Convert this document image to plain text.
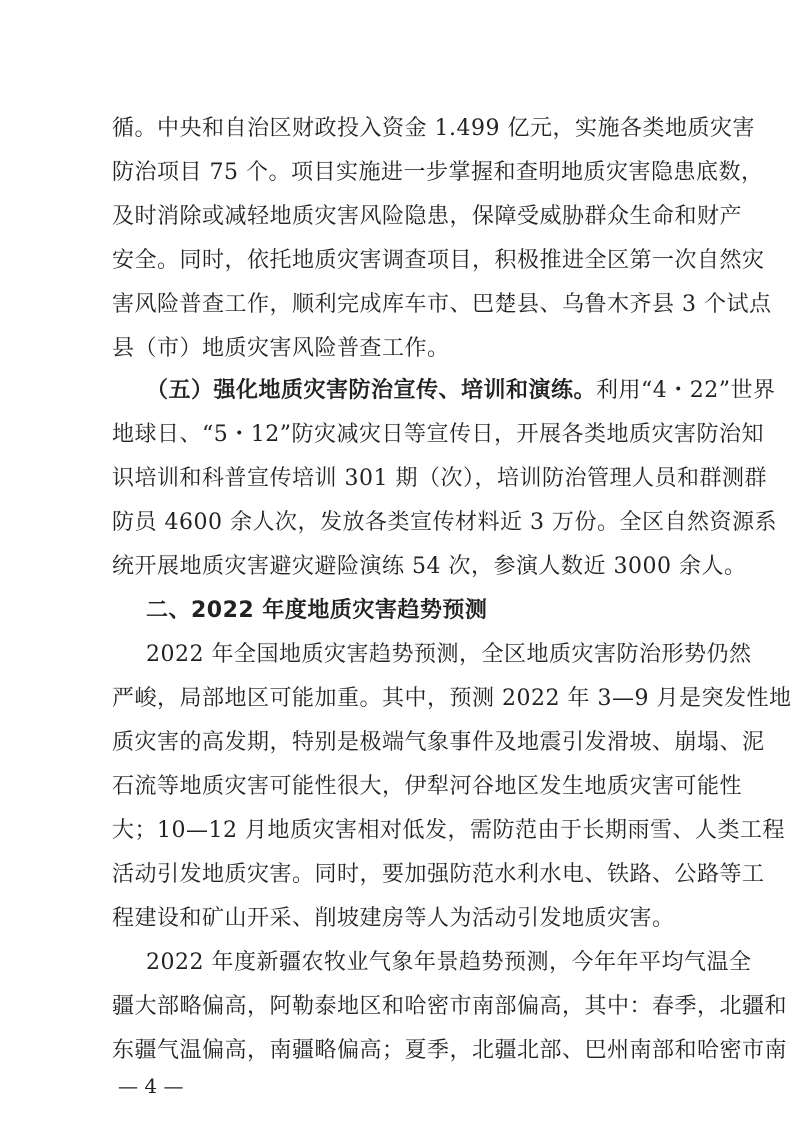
循。中央和自治区财政投入资金 1.499 亿元，实施各类地质灾害
防治项目 75 个。项目实施进一步掌握和查明地质灾害隐患底数，
及时消除或减轻地质灾害风险隐患，保障受威胁群众生命和财产
安全。同时，依托地质灾害调查项目，积极推进全区第一次自然灾
害风险普查工作，顺利完成库车市、巴楚县、乌鲁木齐县 3 个试点
县（市）地质灾害风险普查工作。
（五）强化地质灾害防治宣传、培训和演练。利用“4・22”世界
地球日、“5・12”防灾减灾日等宣传日，开展各类地质灾害防治知
识培训和科普宣传培训 301 期（次），培训防治管理人员和群测群
防员 4600 余人次，发放各类宣传材料近 3 万份。全区自然资源系
统开展地质灾害避灾避险演练 54 次，参演人数近 3000 余人。
二、2022 年度地质灾害趋势预测
2022 年全国地质灾害趋势预测，全区地质灾害防治形势仍然
严峻，局部地区可能加重。其中，预测 2022 年 3—9 月是突发性地
质灾害的高发期，特别是极端气象事件及地震引发滑坡、崩塌、泥
石流等地质灾害可能性很大，伊犁河谷地区发生地质灾害可能性
大；10—12 月地质灾害相对低发，需防范由于长期雨雪、人类工程
活动引发地质灾害。同时，要加强防范水利水电、铁路、公路等工
程建设和矿山开采、削坡建房等人为活动引发地质灾害。
2022 年度新疆农牧业气象年景趋势预测，今年年平均气温全
疆大部略偏高，阿勒泰地区和哈密市南部偏高，其中：春季，北疆和
东疆气温偏高，南疆略偏高；夏季，北疆北部、巴州南部和哈密市南
— 4 —
